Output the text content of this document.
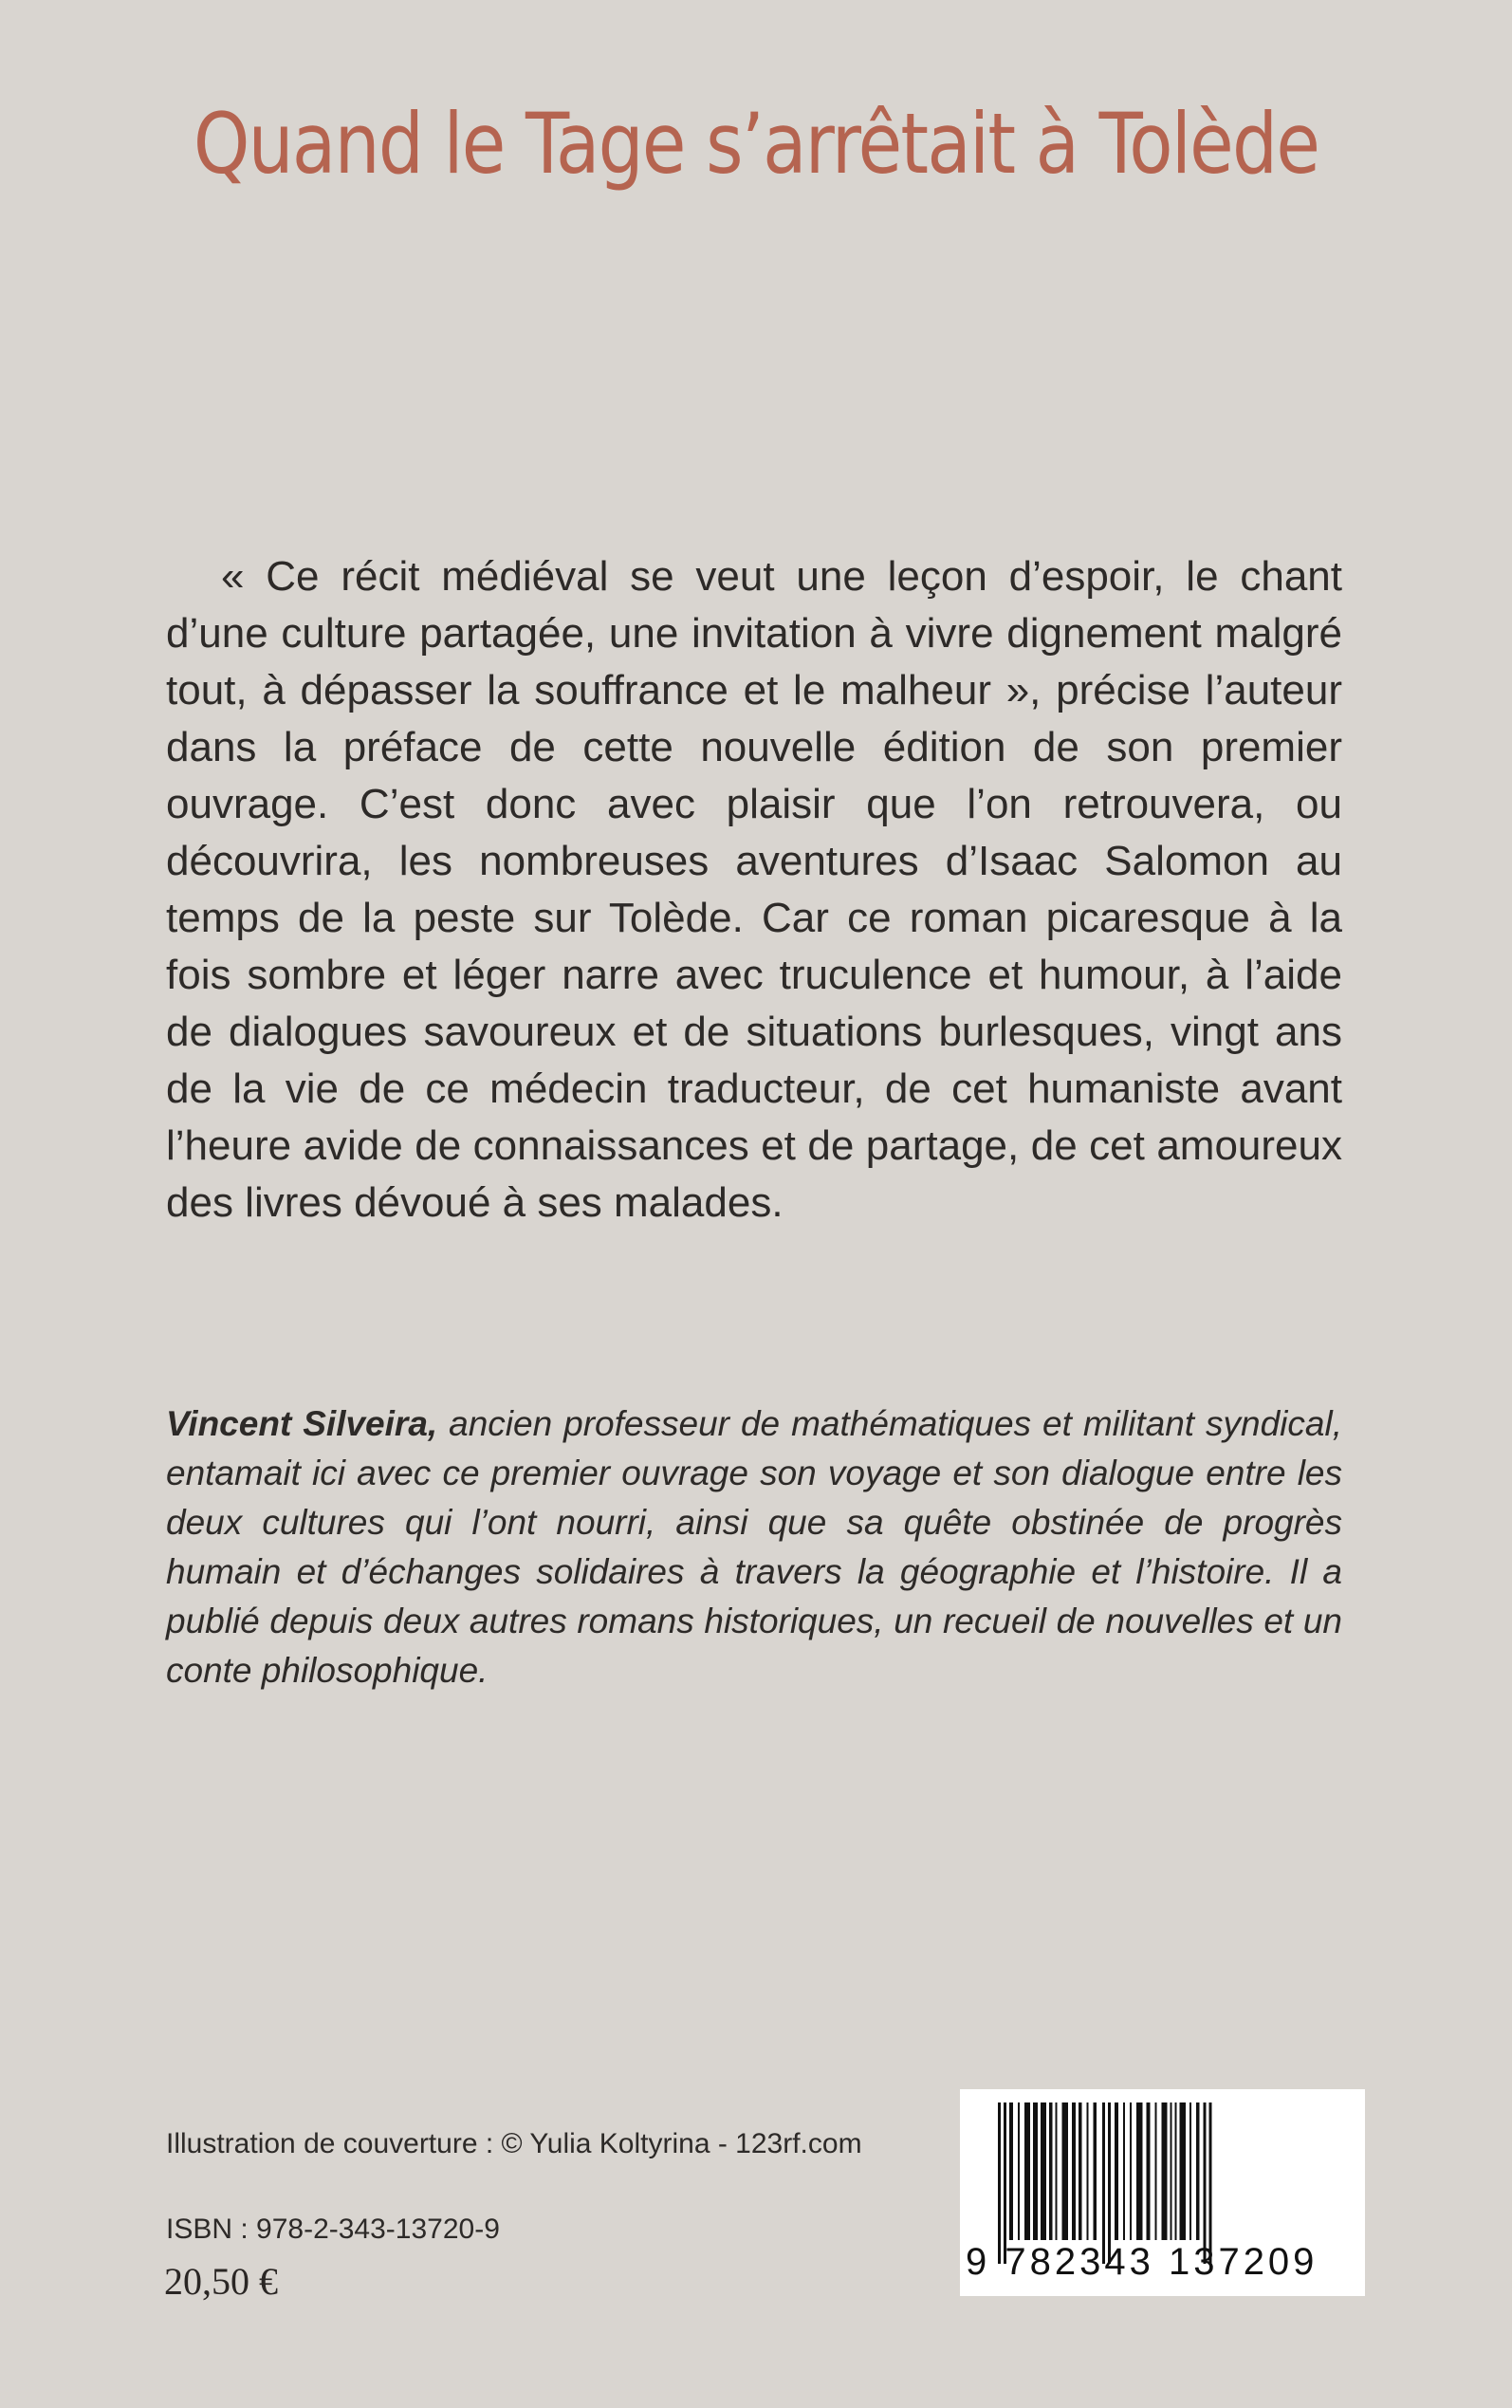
Quand le Tage s’arrêtait à Tolède

« Ce récit médiéval se veut une leçon d’espoir, le chant d’une culture partagée, une invitation à vivre dignement malgré tout, à dépasser la souffrance et le malheur », précise l’auteur dans la préface de cette nouvelle édition de son premier ouvrage. C’est donc avec plaisir que l’on retrouvera, ou découvrira, les nombreuses aventures d’Isaac Salomon au temps de la peste sur Tolède. Car ce roman picaresque à la fois sombre et léger narre avec truculence et humour, à l’aide de dialogues savoureux et de situations burlesques, vingt ans de la vie de ce médecin traducteur, de cet humaniste avant l’heure avide de connaissances et de partage, de cet amoureux des livres dévoué à ses malades.

Vincent Silveira, ancien professeur de mathématiques et militant syndical, entamait ici avec ce premier ouvrage son voyage et son dialogue entre les deux cultures qui l’ont nourri, ainsi que sa quête obstinée de progrès humain et d’échanges solidaires à travers la géographie et l’histoire. Il a publié depuis deux autres romans historiques, un recueil de nouvelles et un conte philosophique.

Illustration de couverture : © Yulia Koltyrina - 123rf.com
ISBN : 978-2-343-13720-9
20,50 €	9 782343 137209
